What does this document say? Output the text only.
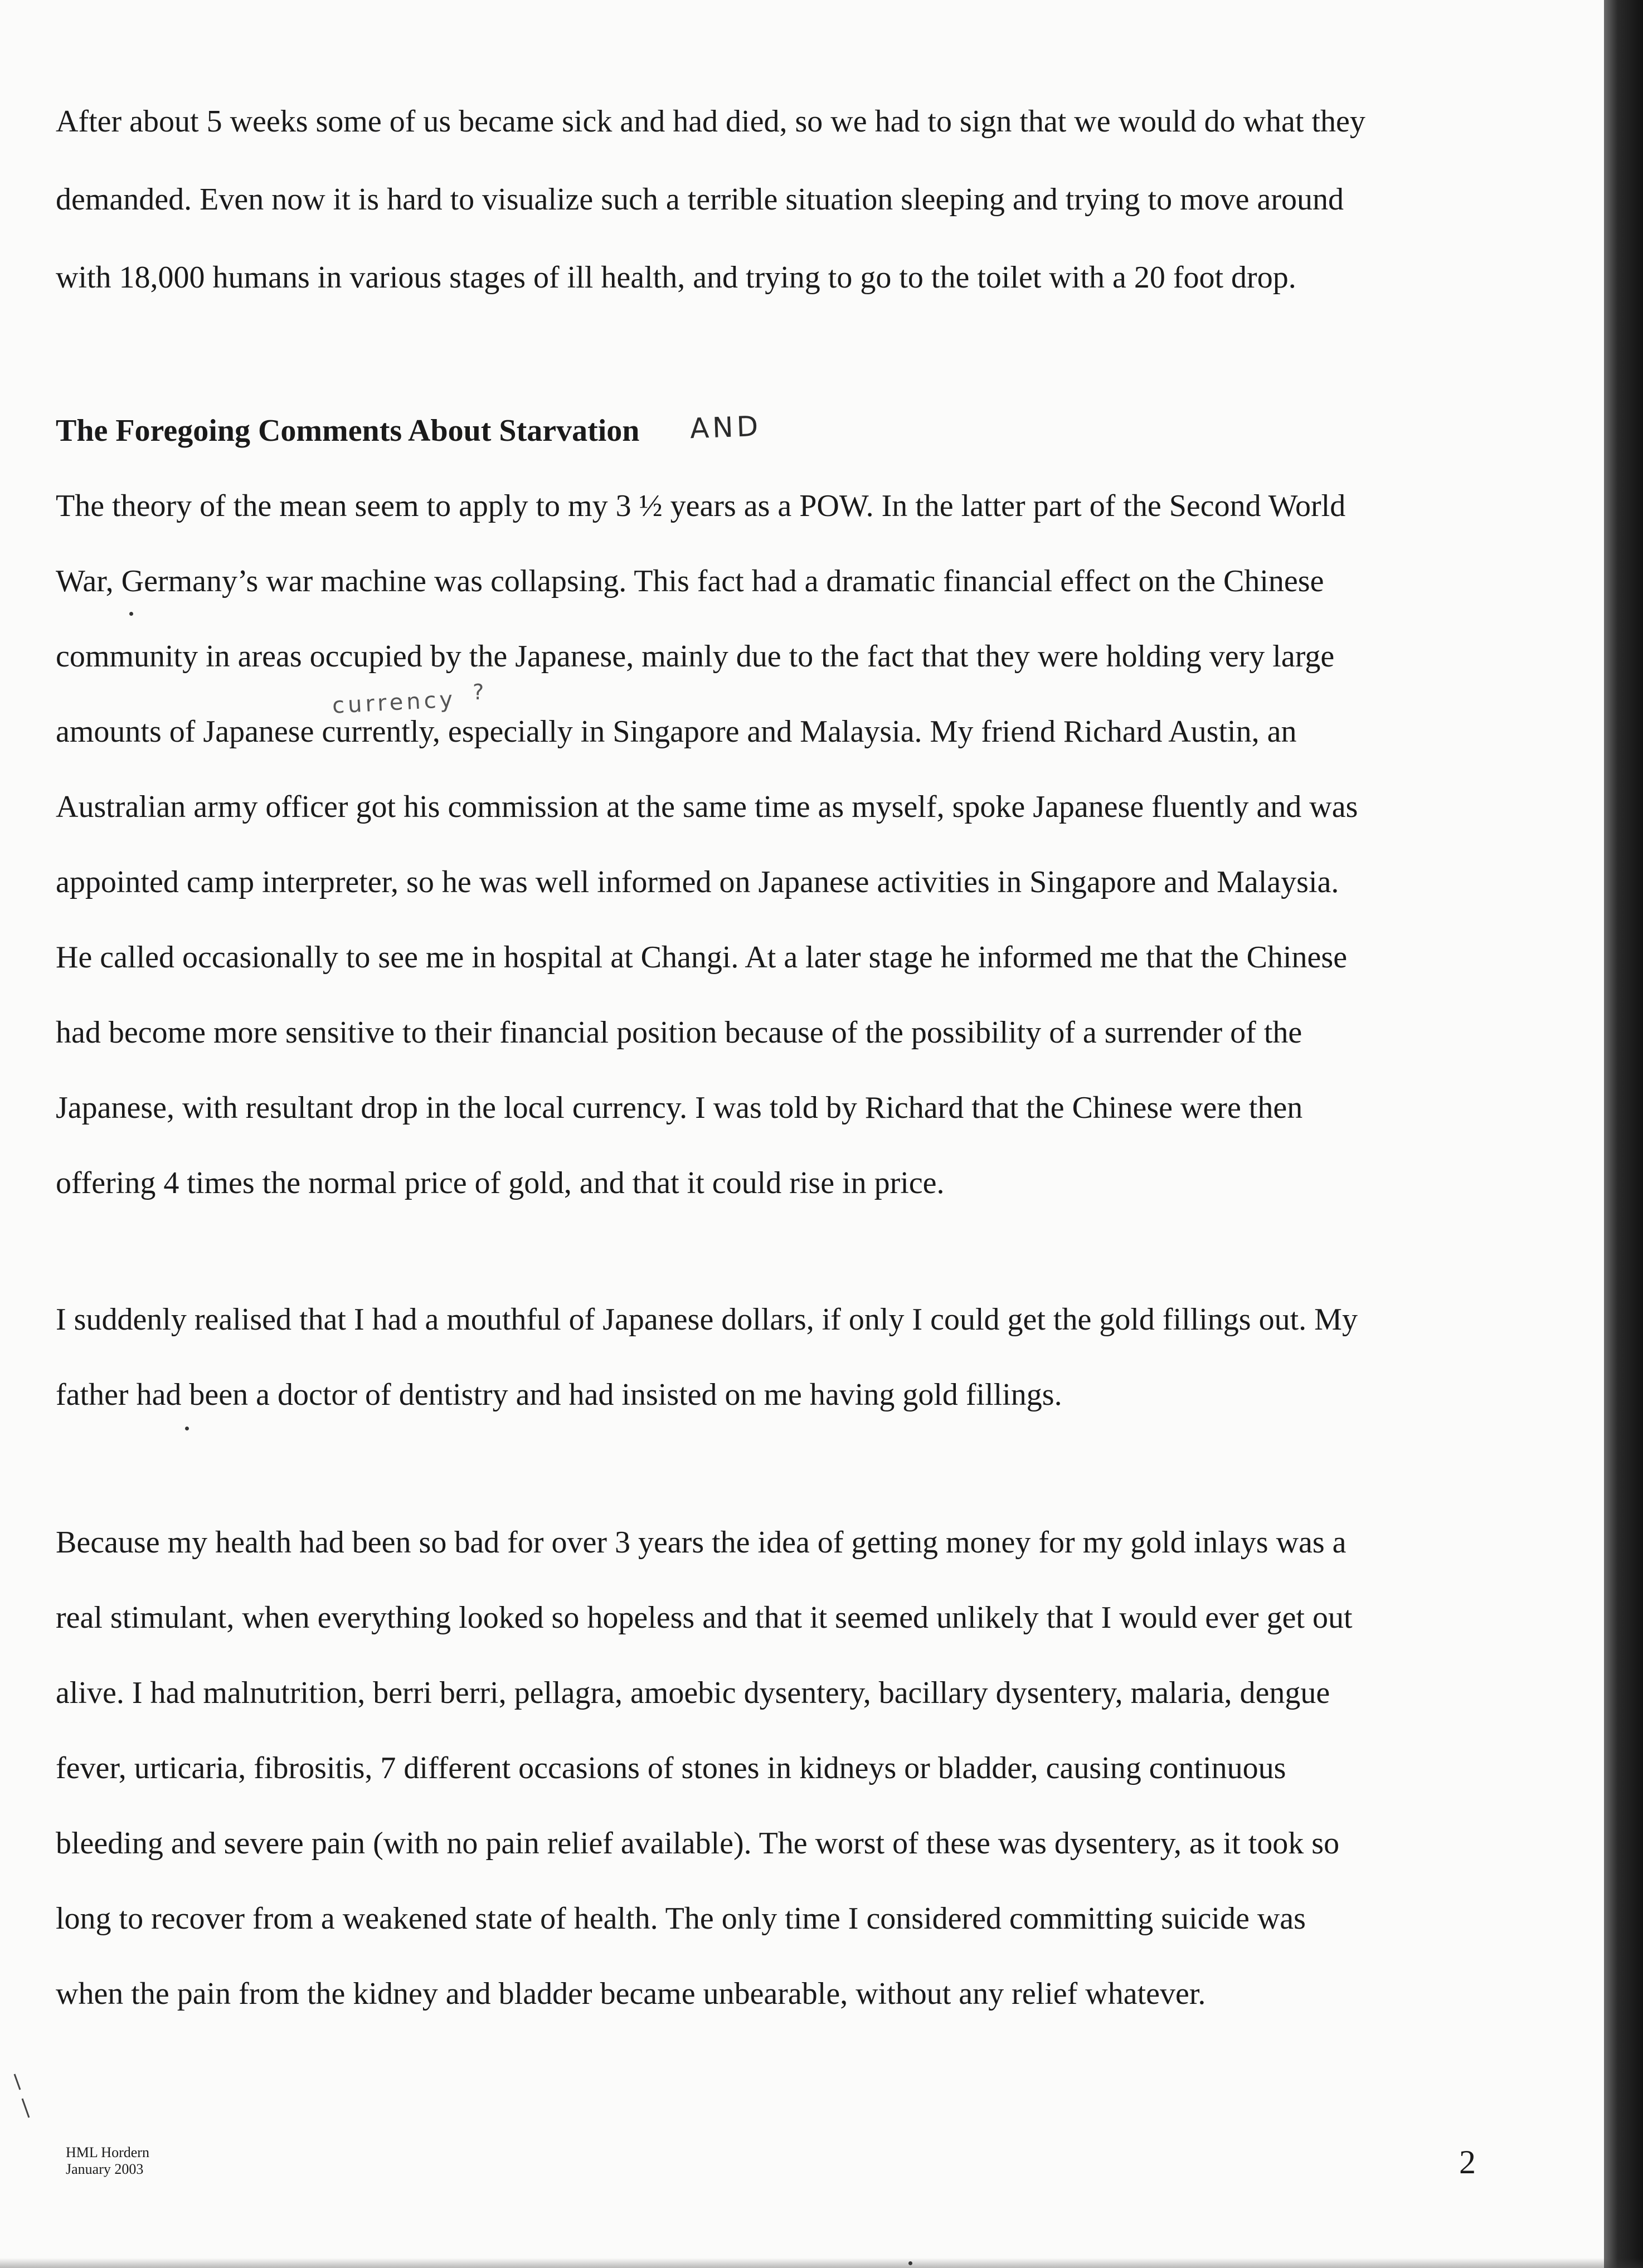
After about 5 weeks some of us became sick and had died, so we had to sign that we would do what they
demanded. Even now it is hard to visualize such a terrible situation sleeping and trying to move around
with 18,000 humans in various stages of ill health, and trying to go to the toilet with a 20 foot drop.
The Foregoing Comments About Starvation AND
The theory of the mean seem to apply to my 3 ½ years as a POW. In the latter part of the Second World
War, Germany’s war machine was collapsing. This fact had a dramatic financial effect on the Chinese
community in areas occupied by the Japanese, mainly due to the fact that they were holding very large
currency ?
amounts of Japanese currently, especially in Singapore and Malaysia. My friend Richard Austin, an
Australian army officer got his commission at the same time as myself, spoke Japanese fluently and was
appointed camp interpreter, so he was well informed on Japanese activities in Singapore and Malaysia.
He called occasionally to see me in hospital at Changi. At a later stage he informed me that the Chinese
had become more sensitive to their financial position because of the possibility of a surrender of the
Japanese, with resultant drop in the local currency. I was told by Richard that the Chinese were then
offering 4 times the normal price of gold, and that it could rise in price.
I suddenly realised that I had a mouthful of Japanese dollars, if only I could get the gold fillings out. My
father had been a doctor of dentistry and had insisted on me having gold fillings.
Because my health had been so bad for over 3 years the idea of getting money for my gold inlays was a
real stimulant, when everything looked so hopeless and that it seemed unlikely that I would ever get out
alive. I had malnutrition, berri berri, pellagra, amoebic dysentery, bacillary dysentery, malaria, dengue
fever, urticaria, fibrositis, 7 different occasions of stones in kidneys or bladder, causing continuous
bleeding and severe pain (with no pain relief available). The worst of these was dysentery, as it took so
long to recover from a weakened state of health. The only time I considered committing suicide was
when the pain from the kidney and bladder became unbearable, without any relief whatever.
HML Hordern
January 2003	2
